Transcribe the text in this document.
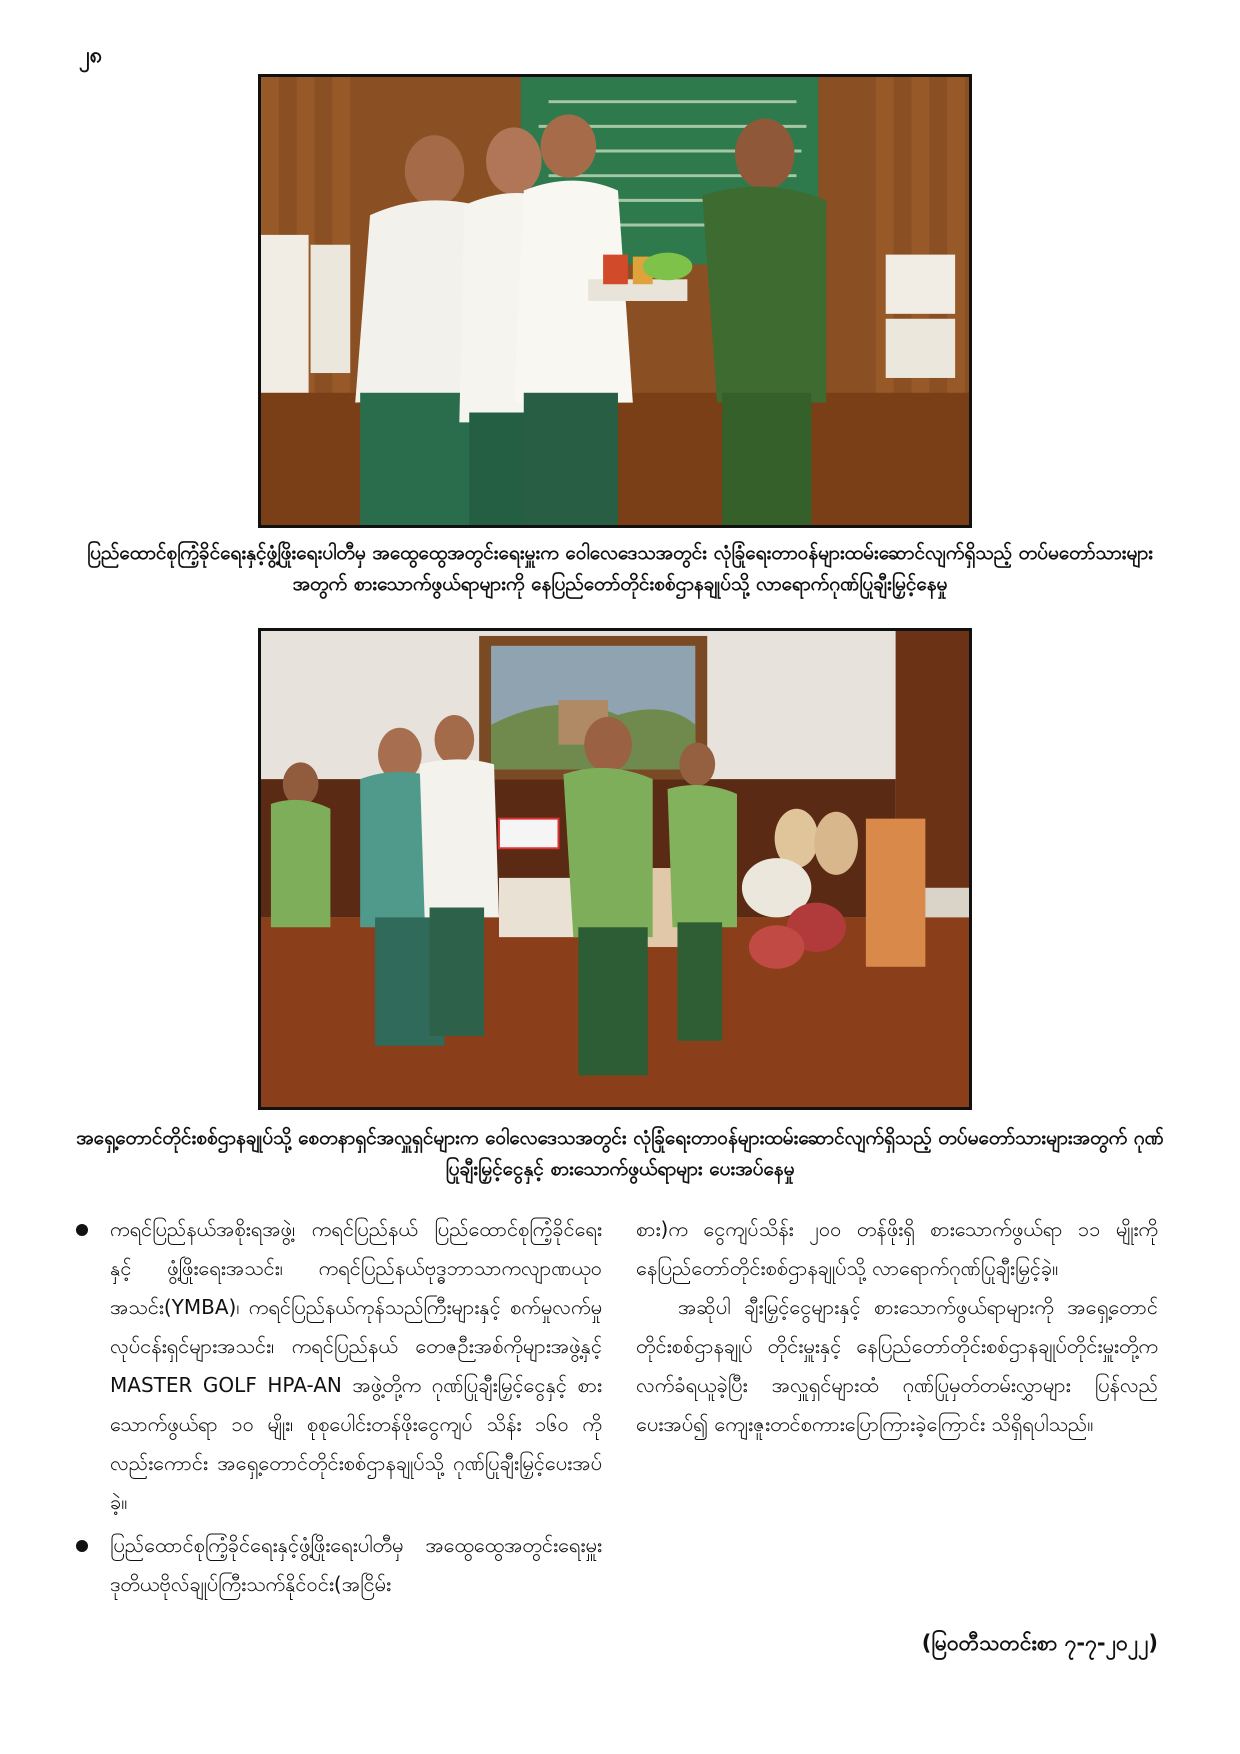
၂၈
ပြည်ထောင်စုကြံ့ခိုင်ရေးနှင့်ဖွံ့ဖြိုးရေးပါတီမှ အထွေထွေအတွင်းရေးမှူးက ဝေါလေဒေသအတွင်း လုံခြုံရေးတာဝန်များထမ်းဆောင်လျက်ရှိသည့် တပ်မတော်သားများအတွက် စားသောက်ဖွယ်ရာများကို နေပြည်တော်တိုင်းစစ်ဌာနချုပ်သို့ လာရောက်ဂုဏ်ပြုချီးမြှင့်နေမှု
အရှေ့တောင်တိုင်းစစ်ဌာနချုပ်သို့ စေတနာရှင်အလှူရှင်များက ဝေါလေဒေသအတွင်း လုံခြုံရေးတာဝန်များထမ်းဆောင်လျက်ရှိသည့် တပ်မတော်သားများအတွက် ဂုဏ်ပြုချီးမြှင့်ငွေနှင့် စားသောက်ဖွယ်ရာများ ပေးအပ်နေမှု
ကရင်ပြည်နယ်အစိုးရအဖွဲ့၊ ကရင်ပြည်နယ် ပြည်ထောင်စုကြံ့ခိုင်ရေးနှင့် ဖွံ့ဖြိုးရေးအသင်း၊ ကရင်ပြည်နယ်ဗုဒ္ဓဘာသာကလျာဏယုဝအသင်း(YMBA)၊ ကရင်ပြည်နယ်ကုန်သည်ကြီးများနှင့် စက်မှုလက်မှုလုပ်ငန်းရှင်များအသင်း၊ ကရင်ပြည်နယ် တေဇဉီးအစ်ကိုများအဖွဲ့နှင့် MASTER GOLF HPA-AN အဖွဲ့တို့က ဂုဏ်ပြုချီးမြှင့်ငွေနှင့် စားသောက်ဖွယ်ရာ ၁၀ မျိုး၊ စုစုပေါင်းတန်ဖိုးငွေကျပ် သိန်း ၁၆၀ ကိုလည်းကောင်း အရှေ့တောင်တိုင်းစစ်ဌာနချုပ်သို့ ဂုဏ်ပြုချီးမြှင့်ပေးအပ်ခဲ့။
ပြည်ထောင်စုကြံ့ခိုင်ရေးနှင့်ဖွံ့ဖြိုးရေးပါတီမှ အထွေထွေအတွင်းရေးမှူး ဒုတိယဗိုလ်ချုပ်ကြီးသက်နိုင်ဝင်း(အငြိမ်း
စား)က ငွေကျပ်သိန်း ၂၀၀ တန်ဖိုးရှိ စားသောက်ဖွယ်ရာ ၁၁ မျိုးကို နေပြည်တော်တိုင်းစစ်ဌာနချုပ်သို့ လာရောက်ဂုဏ်ပြုချီးမြှင့်ခဲ့။
အဆိုပါ ချီးမြှင့်ငွေများနှင့် စားသောက်ဖွယ်ရာများကို အရှေ့တောင်တိုင်းစစ်ဌာနချုပ် တိုင်းမှူးနှင့် နေပြည်တော်တိုင်းစစ်ဌာနချုပ်တိုင်းမှူးတို့က လက်ခံရယူခဲ့ပြီး အလှူရှင်များထံ ဂုဏ်ပြုမှတ်တမ်းလွှာများ ပြန်လည်ပေးအပ်၍ ကျေးဇူးတင်စကားပြောကြားခဲ့ကြောင်း သိရှိရပါသည်။
(မြဝတီသတင်းစာ ၇-၇-၂၀၂၂)
